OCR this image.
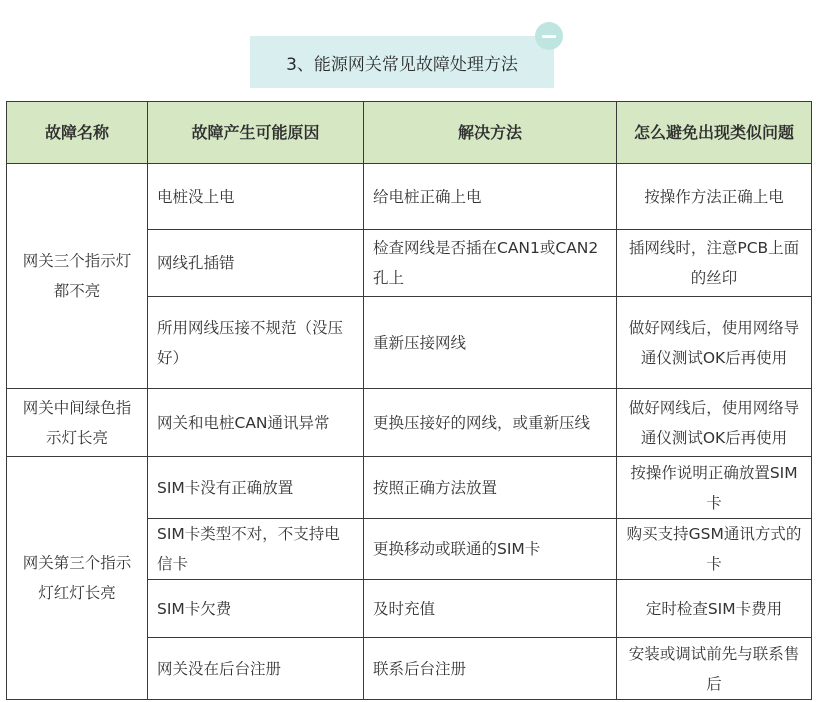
3、能源网关常见故障处理方法
故障名称	故障产生可能原因	解决方法	怎么避免出现类似问题
网关三个指示灯都不亮	电桩没上电	给电桩正确上电	按操作方法正确上电
	网线孔插错	检查网线是否插在CAN1或CAN2孔上	插网线时，注意PCB上面的丝印
	所用网线压接不规范（没压好）	重新压接网线	做好网线后，使用网络导通仪测试OK后再使用
网关中间绿色指示灯长亮	网关和电桩CAN通讯异常	更换压接好的网线，或重新压线	做好网线后，使用网络导通仪测试OK后再使用
网关第三个指示灯红灯长亮	SIM卡没有正确放置	按照正确方法放置	按操作说明正确放置SIM卡
	SIM卡类型不对，不支持电信卡	更换移动或联通的SIM卡	购买支持GSM通讯方式的卡
	SIM卡欠费	及时充值	定时检查SIM卡费用
	网关没在后台注册	联系后台注册	安装或调试前先与联系售后
